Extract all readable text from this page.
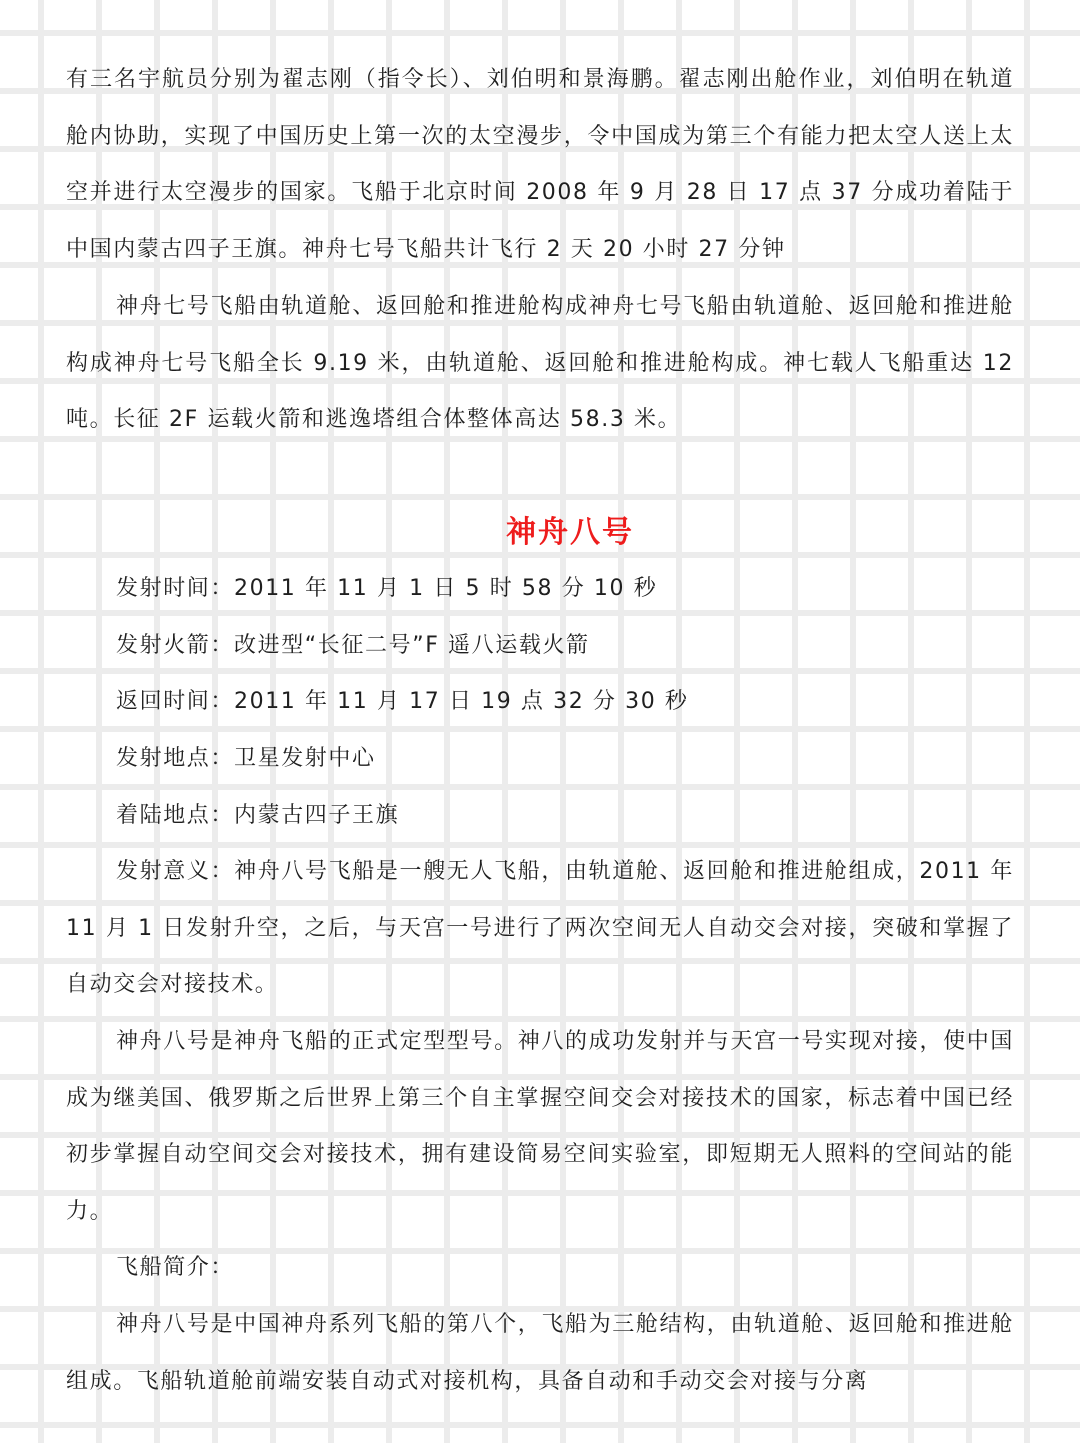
有三名宇航员分别为翟志刚（指令长）、刘伯明和景海鹏。翟志刚出舱作业，刘伯明在轨道舱内协助，实现了中国历史上第一次的太空漫步，令中国成为第三个有能力把太空人送上太空并进行太空漫步的国家。飞船于北京时间 2008 年 9 月 28 日 17 点 37 分成功着陆于中国内蒙古四子王旗。神舟七号飞船共计飞行 2 天 20 小时 27 分钟

神舟七号飞船由轨道舱、返回舱和推进舱构成神舟七号飞船由轨道舱、返回舱和推进舱构成神舟七号飞船全长 9.19 米，由轨道舱、返回舱和推进舱构成。神七载人飞船重达 12 吨。长征 2F 运载火箭和逃逸塔组合体整体高达 58.3 米。

神舟八号
发射时间：2011 年 11 月 1 日 5 时 58 分 10 秒
发射火箭：改进型“长征二号”F 遥八运载火箭
返回时间：2011 年 11 月 17 日 19 点 32 分 30 秒
发射地点：卫星发射中心
着陆地点：内蒙古四子王旗

发射意义：神舟八号飞船是一艘无人飞船，由轨道舱、返回舱和推进舱组成，2011 年 11 月 1 日发射升空，之后，与天宫一号进行了两次空间无人自动交会对接，突破和掌握了自动交会对接技术。

神舟八号是神舟飞船的正式定型型号。神八的成功发射并与天宫一号实现对接，使中国成为继美国、俄罗斯之后世界上第三个自主掌握空间交会对接技术的国家，标志着中国已经初步掌握自动空间交会对接技术，拥有建设简易空间实验室，即短期无人照料的空间站的能力。

飞船简介：

神舟八号是中国神舟系列飞船的第八个，飞船为三舱结构，由轨道舱、返回舱和推进舱组成。飞船轨道舱前端安装自动式对接机构，具备自动和手动交会对接与分离
